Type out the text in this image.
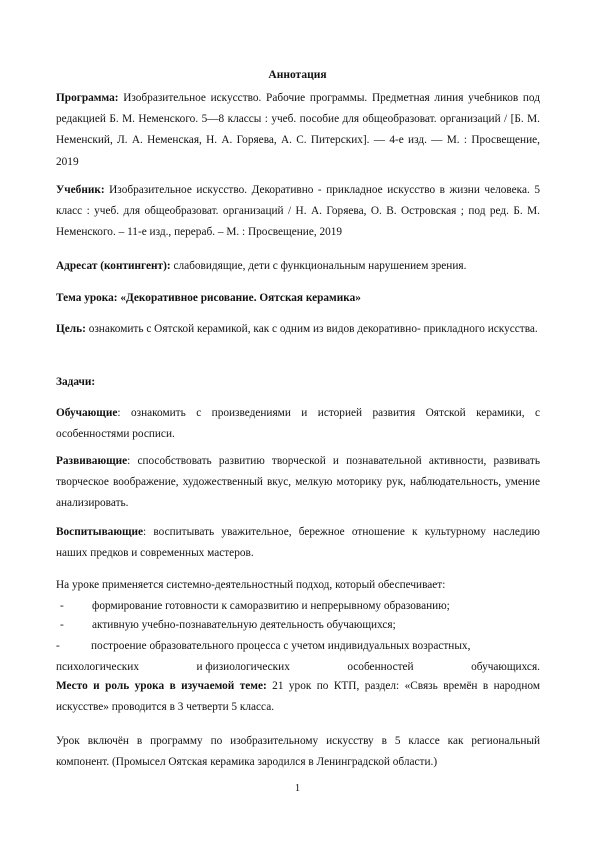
Аннотация

Программа: Изобразительное искусство. Рабочие программы. Предметная линия учебников под редакцией Б. М. Неменского. 5—8 классы : учеб. пособие для общеобразоват. организаций / [Б. М. Неменский, Л. А. Неменская, Н. А. Горяева, А. С. Питерских]. — 4-е изд. — М. : Просвещение, 2019

Учебник: Изобразительное искусство. Декоративно - прикладное искусство в жизни человека. 5 класс : учеб. для общеобразоват. организаций / Н. А. Горяева, О. В. Островская ; под ред. Б. М. Неменского. – 11-е изд., перераб. – М. : Просвещение, 2019

Адресат (контингент): слабовидящие, дети с функциональным нарушением зрения.

Тема урока: «Декоративное рисование. Оятская керамика»

Цель: ознакомить с Оятской керамикой, как с одним из видов декоративно- прикладного искусства.

Задачи:

Обучающие: ознакомить с произведениями и историей развития Оятской керамики, с особенностями росписи.

Развивающие: способствовать развитию творческой и познавательной активности, развивать творческое воображение, художественный вкус, мелкую моторику рук, наблюдательность, умение анализировать.

Воспитывающие: воспитывать уважительное, бережное отношение к культурному наследию наших предков и современных мастеров.

На уроке применяется системно-деятельностный подход, который обеспечивает:

- формирование готовности к саморазвитию и непрерывному образованию;
- активную учебно-познавательную деятельность обучающихся;
-	построение образовательного процесса с учетом индивидуальных возрастных,
психологических	и физиологических	особенностей	обучающихся.

Место и роль урока в изучаемой теме: 21 урок по КТП, раздел: «Связь времён в народном искусстве» проводится в 3 четверти 5 класса.

Урок включён в программу по изобразительному искусству в 5 классе как региональный компонент. (Промысел Оятская керамика зародился в Ленинградской области.)

1
